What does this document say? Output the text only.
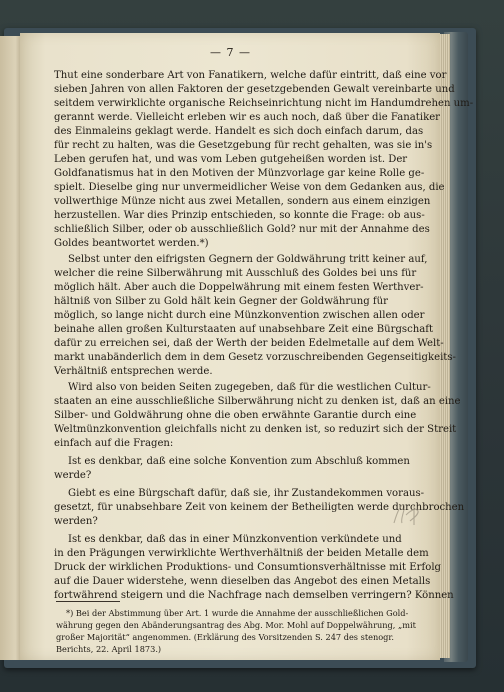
— 7 —

Thut eine sonderbare Art von Fanatikern, welche dafür eintritt, daß eine vor

sieben Jahren von allen Faktoren der gesetzgebenden Gewalt vereinbarte und

seitdem verwirklichte organische Reichseinrichtung nicht im Handumdrehen um-

gerannt werde. Vielleicht erleben wir es auch noch, daß über die Fanatiker

des Einmaleins geklagt werde. Handelt es sich doch einfach darum, das

für recht zu halten, was die Gesetzgebung für recht gehalten, was sie in's

Leben gerufen hat, und was vom Leben gutgeheißen worden ist. Der

Goldfanatismus hat in den Motiven der Münzvorlage gar keine Rolle ge-

spielt. Dieselbe ging nur unvermeidlicher Weise von dem Gedanken aus, die

vollwerthige Münze nicht aus zwei Metallen, sondern aus einem einzigen

herzustellen. War dies Prinzip entschieden, so konnte die Frage: ob aus-

schließlich Silber, oder ob ausschließlich Gold? nur mit der Annahme des

Goldes beantwortet werden.*)

Selbst unter den eifrigsten Gegnern der Goldwährung tritt keiner auf,

welcher die reine Silberwährung mit Ausschluß des Goldes bei uns für

möglich hält. Aber auch die Doppelwährung mit einem festen Werthver-

hältniß von Silber zu Gold hält kein Gegner der Goldwährung für

möglich, so lange nicht durch eine Münzkonvention zwischen allen oder

beinahe allen großen Kulturstaaten auf unabsehbare Zeit eine Bürgschaft

dafür zu erreichen sei, daß der Werth der beiden Edelmetalle auf dem Welt-

markt unabänderlich dem in dem Gesetz vorzuschreibenden Gegenseitigkeits-

Verhältniß entsprechen werde.

Wird also von beiden Seiten zugegeben, daß für die westlichen Cultur-

staaten an eine ausschließliche Silberwährung nicht zu denken ist, daß an eine

Silber- und Goldwährung ohne die oben erwähnte Garantie durch eine

Weltmünzkonvention gleichfalls nicht zu denken ist, so reduzirt sich der Streit

einfach auf die Fragen:

Ist es denkbar, daß eine solche Konvention zum Abschluß kommen

werde?

Giebt es eine Bürgschaft dafür, daß sie, ihr Zustandekommen voraus-

gesetzt, für unabsehbare Zeit von keinem der Betheiligten werde durchbrochen

werden?

Ist es denkbar, daß das in einer Münzkonvention verkündete und

in den Prägungen verwirklichte Werthverhältniß der beiden Metalle dem

*) Bei der Abstimmung über Art. 1 wurde die Annahme der ausschließlichen Gold-

währung gegen den Abänderungsantrag des Abg. Mor. Mohl auf Doppelwährung, „mit

großer Majorität“ angenommen. (Erklärung des Vorsitzenden S. 247 des stenogr.

Berichts, 22. April 1873.)

Druck der wirklichen Produktions- und Consumtionsverhältnisse mit Erfolg

auf die Dauer widerstehe, wenn dieselben das Angebot des einen Metalls

fortwährend steigern und die Nachfrage nach demselben verringern? Können
